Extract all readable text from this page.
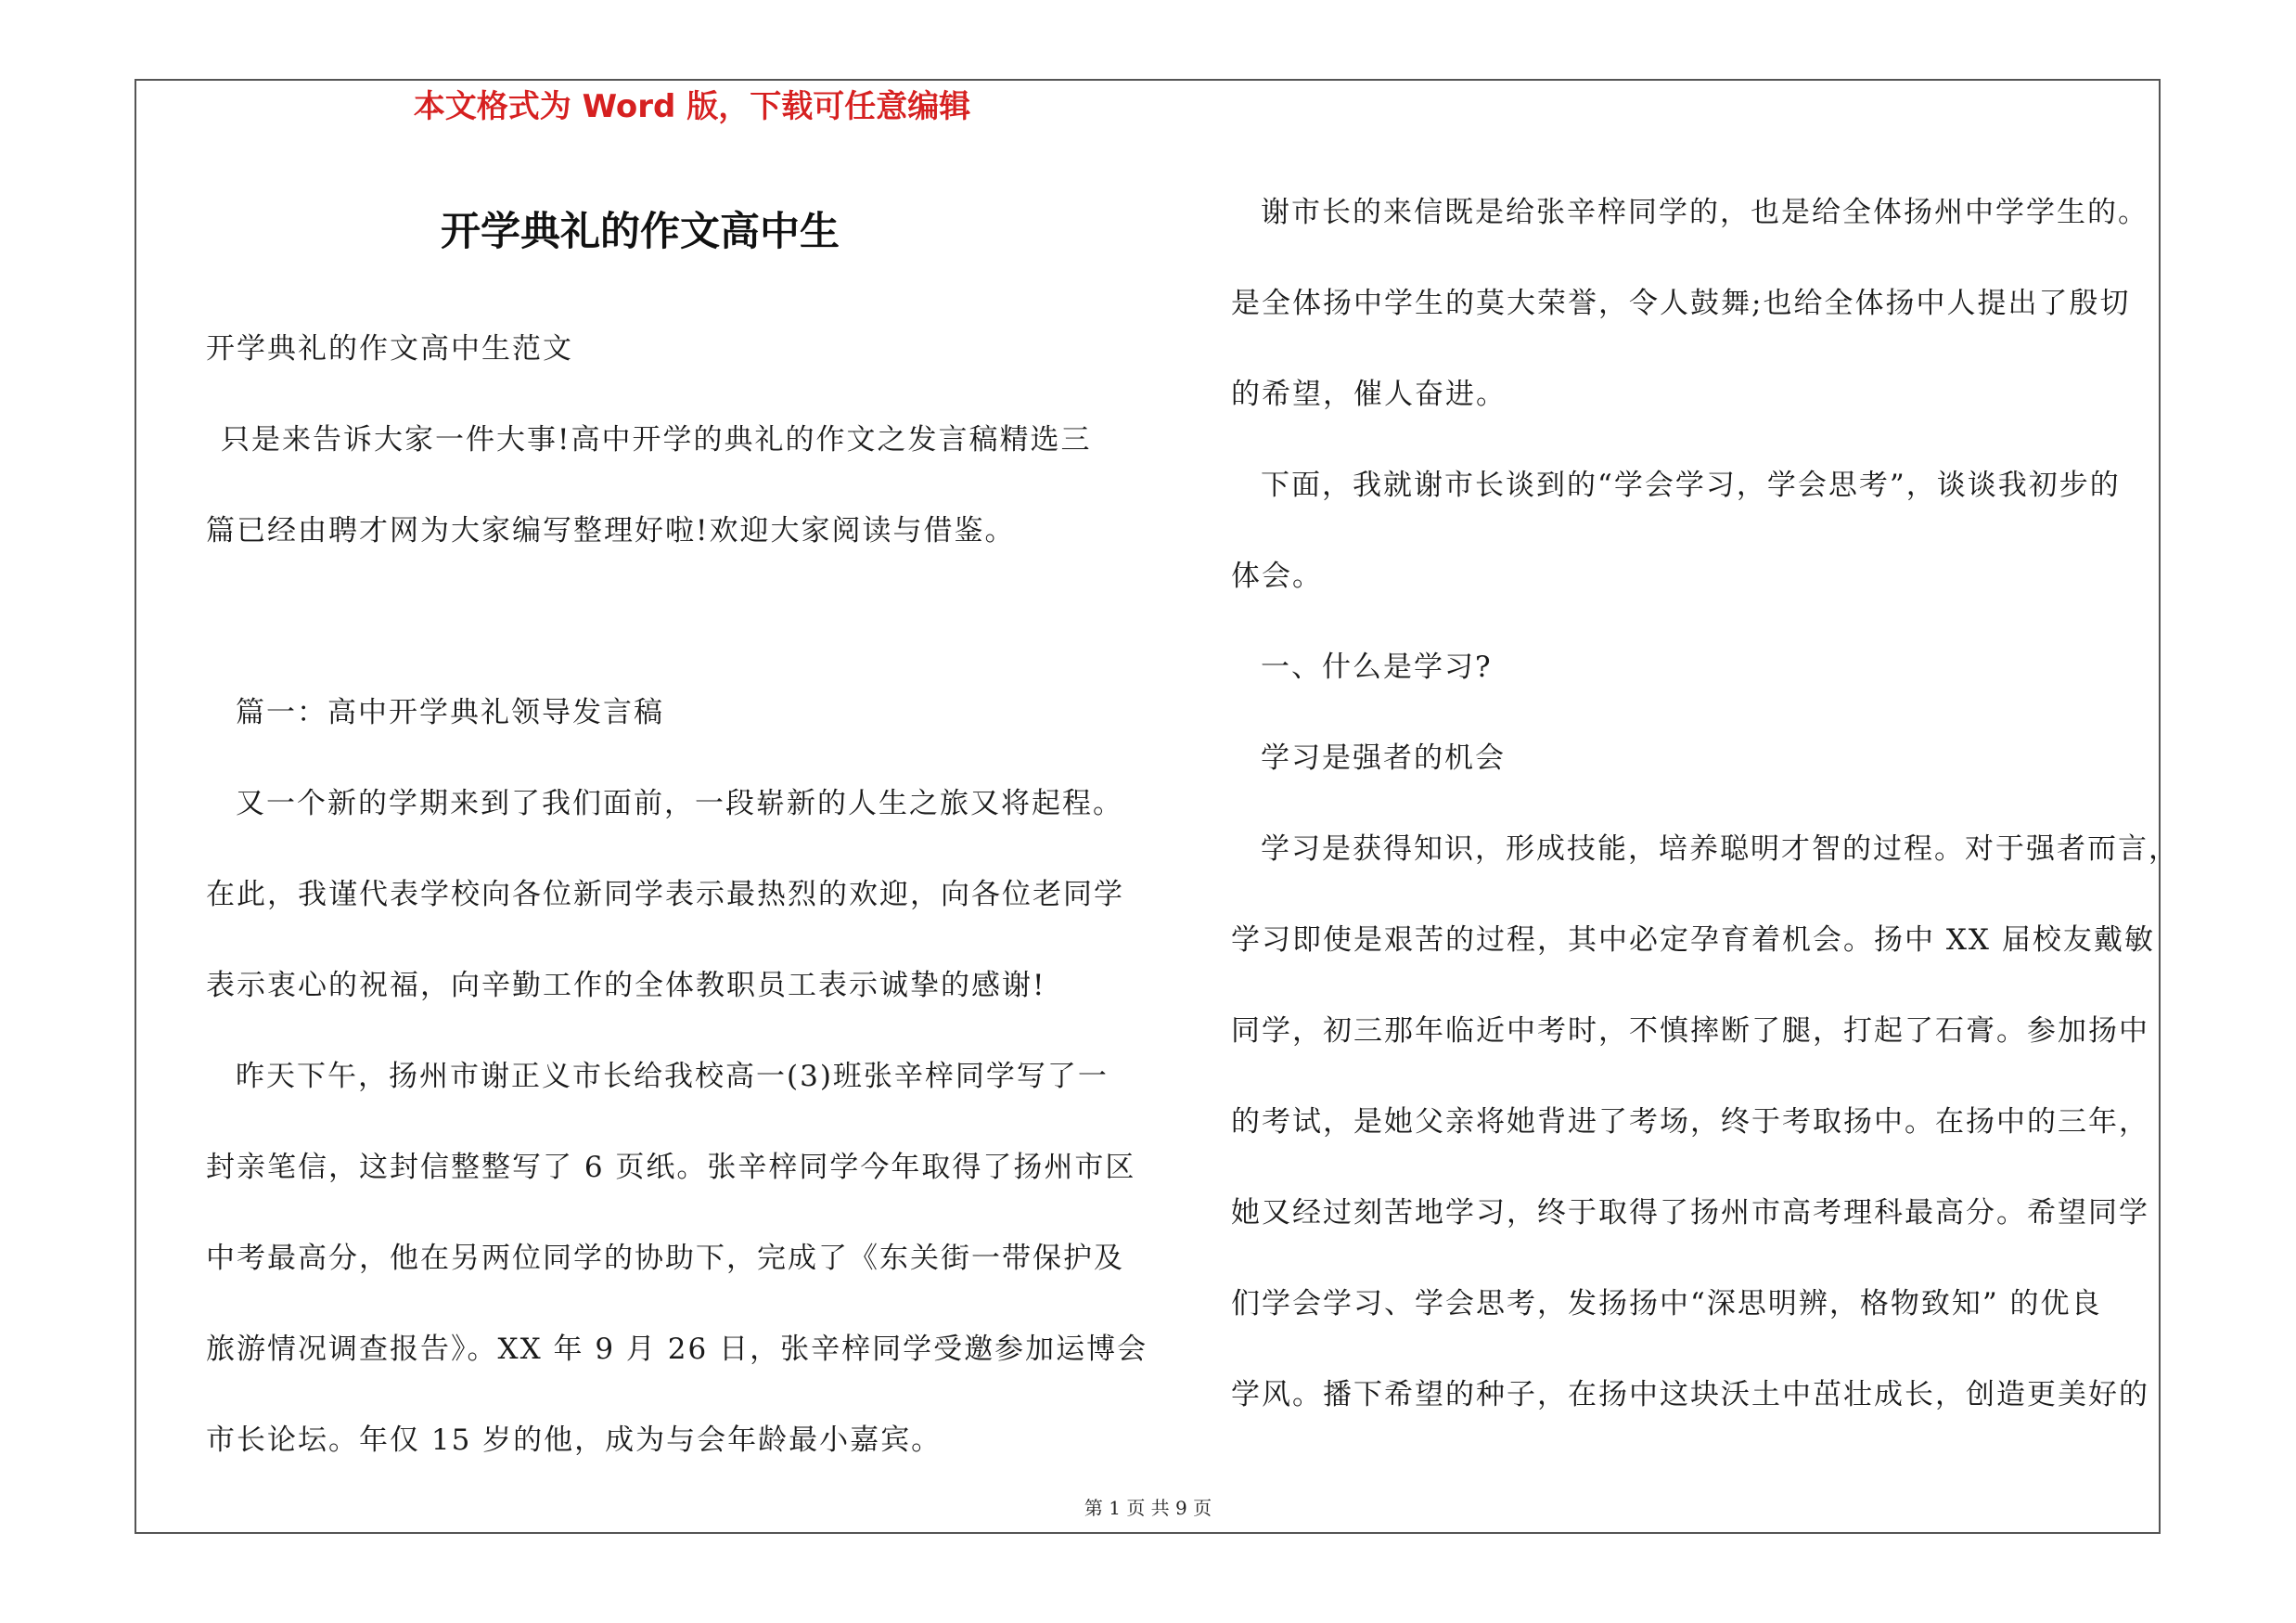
本文格式为 Word 版，下载可任意编辑
开学典礼的作文高中生
开学典礼的作文高中生范文
只是来告诉大家一件大事!高中开学的典礼的作文之发言稿精选三
篇已经由聘才网为大家编写整理好啦!欢迎大家阅读与借鉴。
篇一：高中开学典礼领导发言稿
又一个新的学期来到了我们面前，一段崭新的人生之旅又将起程。
在此，我谨代表学校向各位新同学表示最热烈的欢迎，向各位老同学
表示衷心的祝福，向辛勤工作的全体教职员工表示诚挚的感谢!
昨天下午，扬州市谢正义市长给我校高一(3)班张辛梓同学写了一
封亲笔信，这封信整整写了 6 页纸。张辛梓同学今年取得了扬州市区
中考最高分，他在另两位同学的协助下，完成了《东关街一带保护及
旅游情况调查报告》。XX 年 9 月 26 日，张辛梓同学受邀参加运博会
市长论坛。年仅 15 岁的他，成为与会年龄最小嘉宾。
谢市长的来信既是给张辛梓同学的，也是给全体扬州中学学生的。
是全体扬中学生的莫大荣誉，令人鼓舞;也给全体扬中人提出了殷切
的希望，催人奋进。
下面，我就谢市长谈到的“学会学习，学会思考”，谈谈我初步的
体会。
一、什么是学习?
学习是强者的机会
学习是获得知识，形成技能，培养聪明才智的过程。对于强者而言，
学习即使是艰苦的过程，其中必定孕育着机会。扬中 XX 届校友戴敏
同学，初三那年临近中考时，不慎摔断了腿，打起了石膏。参加扬中
的考试，是她父亲将她背进了考场，终于考取扬中。在扬中的三年，
她又经过刻苦地学习，终于取得了扬州市高考理科最高分。希望同学
们学会学习、学会思考，发扬扬中“深思明辨，格物致知” 的优良
学风。播下希望的种子，在扬中这块沃土中茁壮成长，创造更美好的
第 1 页 共 9 页
